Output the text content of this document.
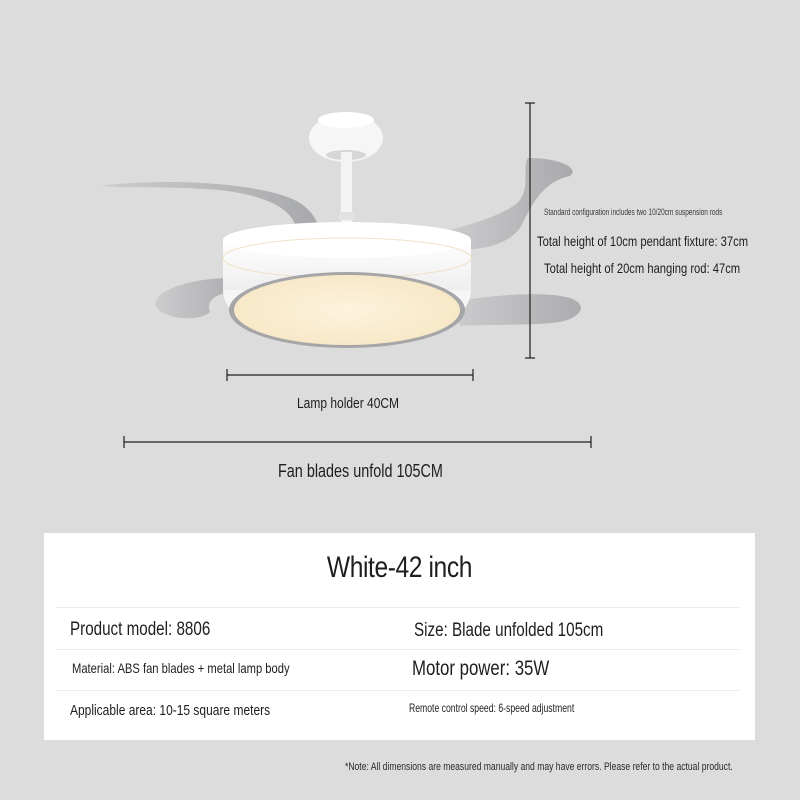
Standard configuration includes two 10/20cm suspension rods
Total height of 10cm pendant fixture: 37cm
Total height of 20cm hanging rod: 47cm
Lamp holder 40CM
Fan blades unfold 105CM
White-42 inch
Product model: 8806	Size: Blade unfolded 105cm
Material: ABS fan blades + metal lamp body	Motor power: 35W
Applicable area: 10-15 square meters	Remote control speed: 6-speed adjustment
*Note: All dimensions are measured manually and may have errors. Please refer to the actual product.
